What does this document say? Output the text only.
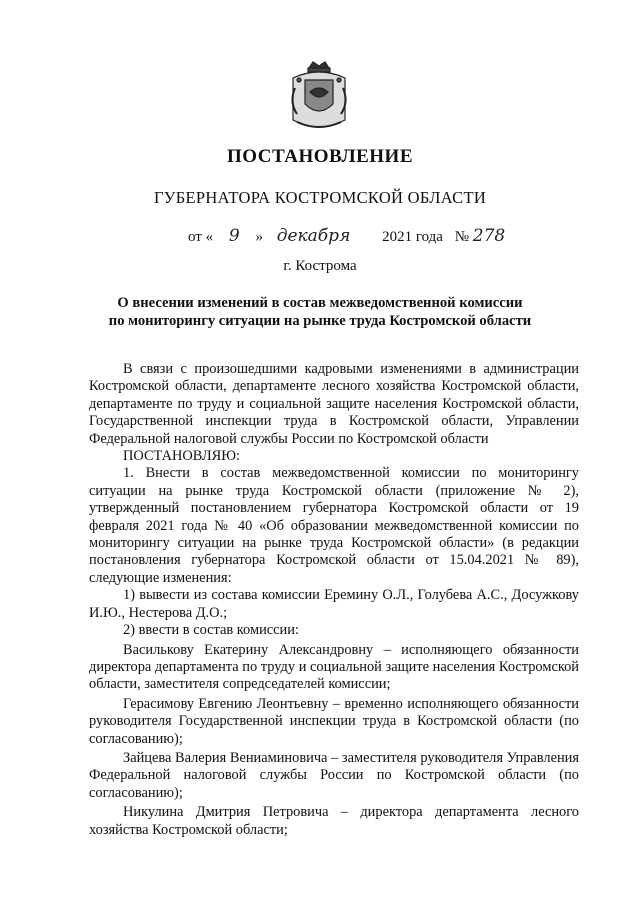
ПОСТАНОВЛЕНИЕ
ГУБЕРНАТОРА КОСТРОМСКОЙ ОБЛАСТИ
от « 9 » декабря 2021 года № 278
г. Кострома
О внесении изменений в состав межведомственной комиссии
по мониторингу ситуации на рынке труда Костромской области

В связи с произошедшими кадровыми изменениями в администрации Костромской области, департаменте лесного хозяйства Костромской области, департаменте по труду и социальной защите населения Костромской области, Государственной инспекции труда в Костромской области, Управлении Федеральной налоговой службы России по Костромской области

ПОСТАНОВЛЯЮ:

1. Внести в состав межведомственной комиссии по мониторингу ситуации на рынке труда Костромской области (приложение № 2), утвержденный постановлением губернатора Костромской области от 19 февраля 2021 года № 40 «Об образовании межведомственной комиссии по мониторингу ситуации на рынке труда Костромской области» (в редакции постановления губернатора Костромской области от 15.04.2021 № 89), следующие изменения:

1) вывести из состава комиссии Еремину О.Л., Голубева А.С., Досужкову И.Ю., Нестерова Д.О.;

2) ввести в состав комиссии:

Василькову Екатерину Александровну – исполняющего обязанности директора департамента по труду и социальной защите населения Костромской области, заместителя сопредседателей комиссии;

Герасимову Евгению Леонтьевну – временно исполняющего обязанности руководителя Государственной инспекции труда в Костромской области (по согласованию);

Зайцева Валерия Вениаминовича – заместителя руководителя Управления Федеральной налоговой службы России по Костромской области (по согласованию);

Никулина Дмитрия Петровича – директора департамента лесного хозяйства Костромской области;
